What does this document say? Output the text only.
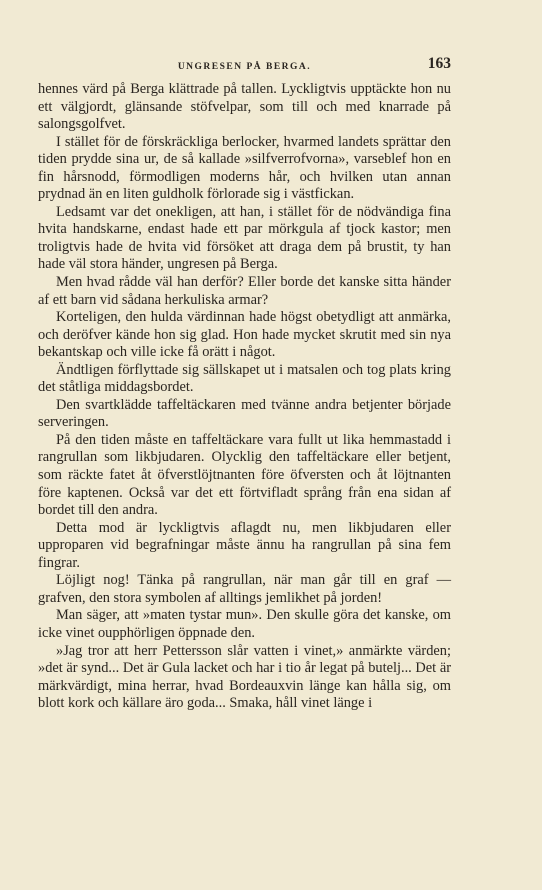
UNGRESEN PÅ BERGA.	163

hennes värd på Berga klättrade på tallen. Lyckligtvis upptäckte hon nu ett välgjordt, glänsande stöfvelpar, som till och med knarrade på salongsgolfvet.

I stället för de förskräckliga berlocker, hvarmed landets sprättar den tiden prydde sina ur, de så kallade »silfverrofvorna», varseblef hon en fin hårsnodd, förmodligen moderns hår, och hvilken utan annan prydnad än en liten guldholk förlorade sig i västfickan.

Ledsamt var det onekligen, att han, i stället för de nödvändiga fina hvita handskarne, endast hade ett par mörkgula af tjock kastor; men troligtvis hade de hvita vid försöket att draga dem på brustit, ty han hade väl stora händer, ungresen på Berga.

Men hvad rådde väl han derför? Eller borde det kanske sitta händer af ett barn vid sådana herkuliska armar?

Korteligen, den hulda värdinnan hade högst obetydligt att anmärka, och deröfver kände hon sig glad. Hon hade mycket skrutit med sin nya bekantskap och ville icke få orätt i något.

Ändtligen förflyttade sig sällskapet ut i matsalen och tog plats kring det ståtliga middagsbordet.

Den svartklädde taffeltäckaren med tvänne andra betjenter började serveringen.

På den tiden måste en taffeltäckare vara fullt ut lika hemmastadd i rangrullan som likbjudaren. Olycklig den taffeltäckare eller betjent, som räckte fatet åt öfverstlöjtnanten före öfversten och åt löjtnanten före kaptenen. Också var det ett förtvifladt språng från ena sidan af bordet till den andra.

Detta mod är lyckligtvis aflagdt nu, men likbjudaren eller upproparen vid begrafningar måste ännu ha rangrullan på sina fem fingrar.

Löjligt nog! Tänka på rangrullan, när man går till en graf — grafven, den stora symbolen af alltings jemlikhet på jorden!

Man säger, att »maten tystar mun». Den skulle göra det kanske, om icke vinet oupphörligen öppnade den.

»Jag tror att herr Pettersson slår vatten i vinet,» anmärkte värden; »det är synd... Det är Gula lacket och har i tio år legat på butelj... Det är märkvärdigt, mina herrar, hvad Bordeauxvin länge kan hålla sig, om blott kork och källare äro goda... Smaka, håll vinet länge i
